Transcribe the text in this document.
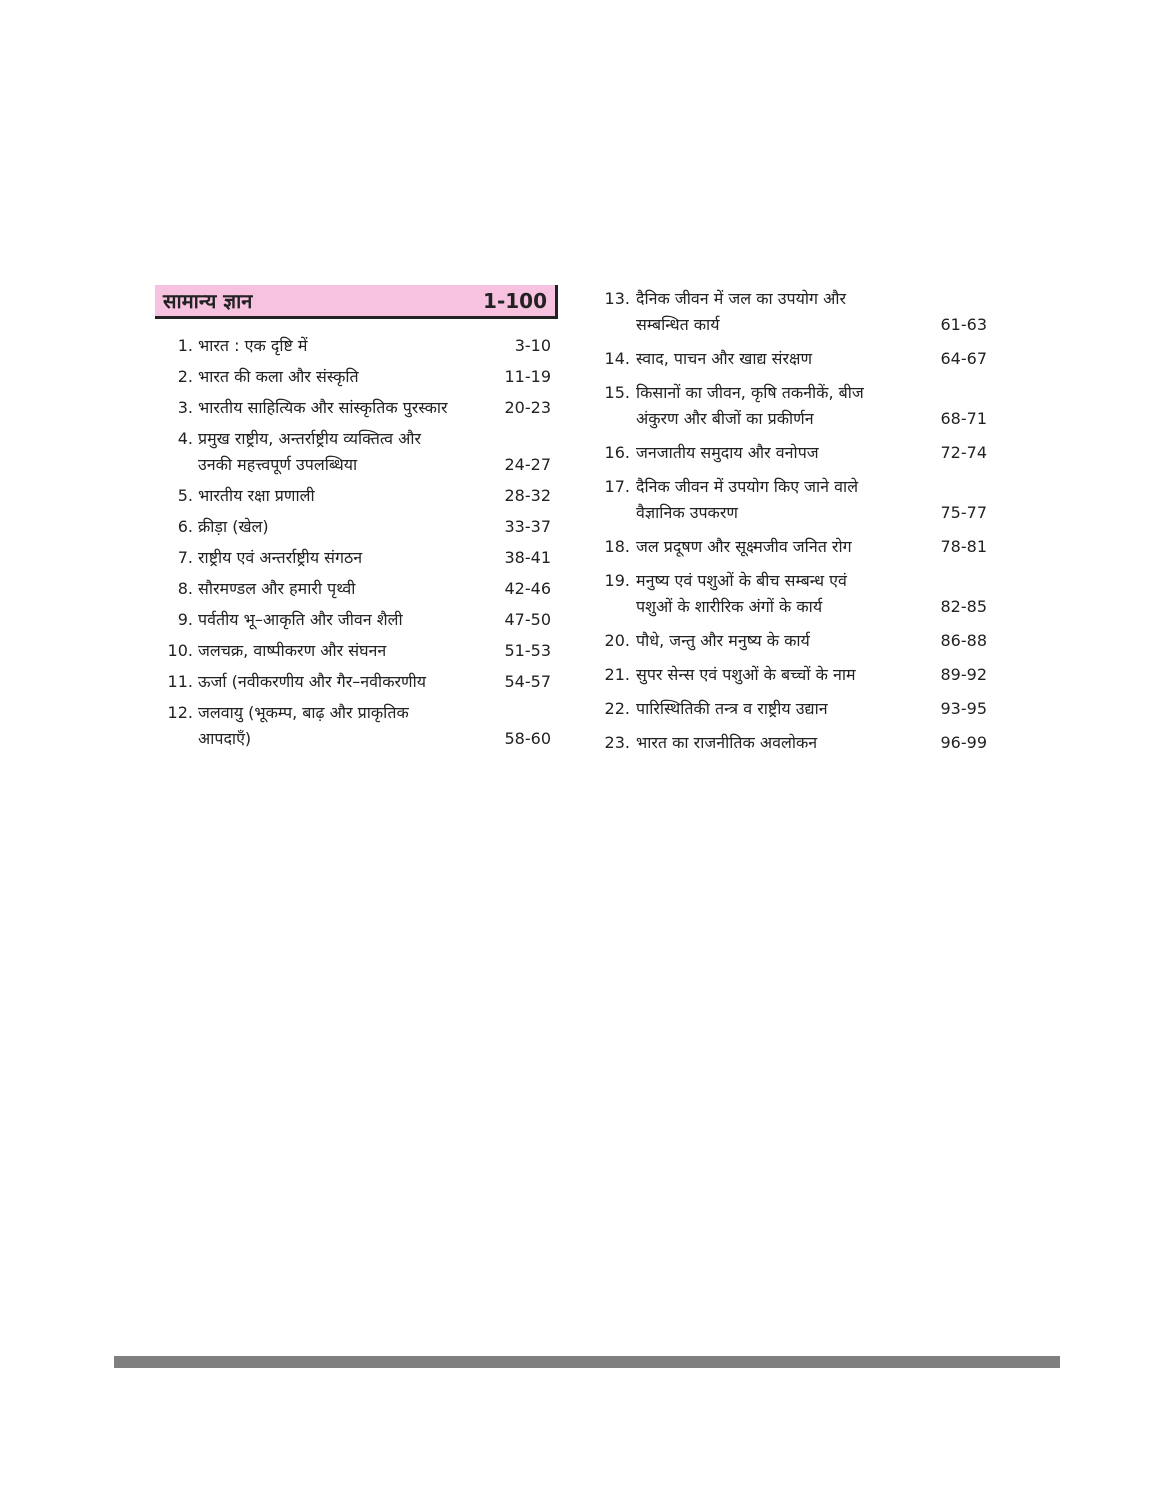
सामान्य ज्ञान	1-100
1. भारत : एक दृष्टि में	3-10
2. भारत की कला और संस्कृति	11-19
3. भारतीय साहित्यिक और सांस्कृतिक पुरस्कार	20-23
4. प्रमुख राष्ट्रीय, अन्तर्राष्ट्रीय व्यक्तित्व और
उनकी महत्त्वपूर्ण उपलब्धिया	24-27
5. भारतीय रक्षा प्रणाली	28-32
6. क्रीड़ा (खेल)	33-37
7. राष्ट्रीय एवं अन्तर्राष्ट्रीय संगठन	38-41
8. सौरमण्डल और हमारी पृथ्वी	42-46
9. पर्वतीय भू–आकृति और जीवन शैली	47-50
10. जलचक्र, वाष्पीकरण और संघनन	51-53
11. ऊर्जा (नवीकरणीय और गैर–नवीकरणीय	54-57
12. जलवायु (भूकम्प, बाढ़ और प्राकृतिक
आपदाएँ)	58-60
13. दैनिक जीवन में जल का उपयोग और
सम्बन्धित कार्य	61-63
14. स्वाद, पाचन और खाद्य संरक्षण	64-67
15. किसानों का जीवन, कृषि तकनीकें, बीज
अंकुरण और बीजों का प्रकीर्णन	68-71
16. जनजातीय समुदाय और वनोपज	72-74
17. दैनिक जीवन में उपयोग किए जाने वाले
वैज्ञानिक उपकरण	75-77
18. जल प्रदूषण और सूक्ष्मजीव जनित रोग	78-81
19. मनुष्य एवं पशुओं के बीच सम्बन्ध एवं
पशुओं के शारीरिक अंगों के कार्य	82-85
20. पौधे, जन्तु और मनुष्य के कार्य	86-88
21. सुपर सेन्स एवं पशुओं के बच्चों के नाम	89-92
22. पारिस्थितिकी तन्त्र व राष्ट्रीय उद्यान	93-95
23. भारत का राजनीतिक अवलोकन	96-99
